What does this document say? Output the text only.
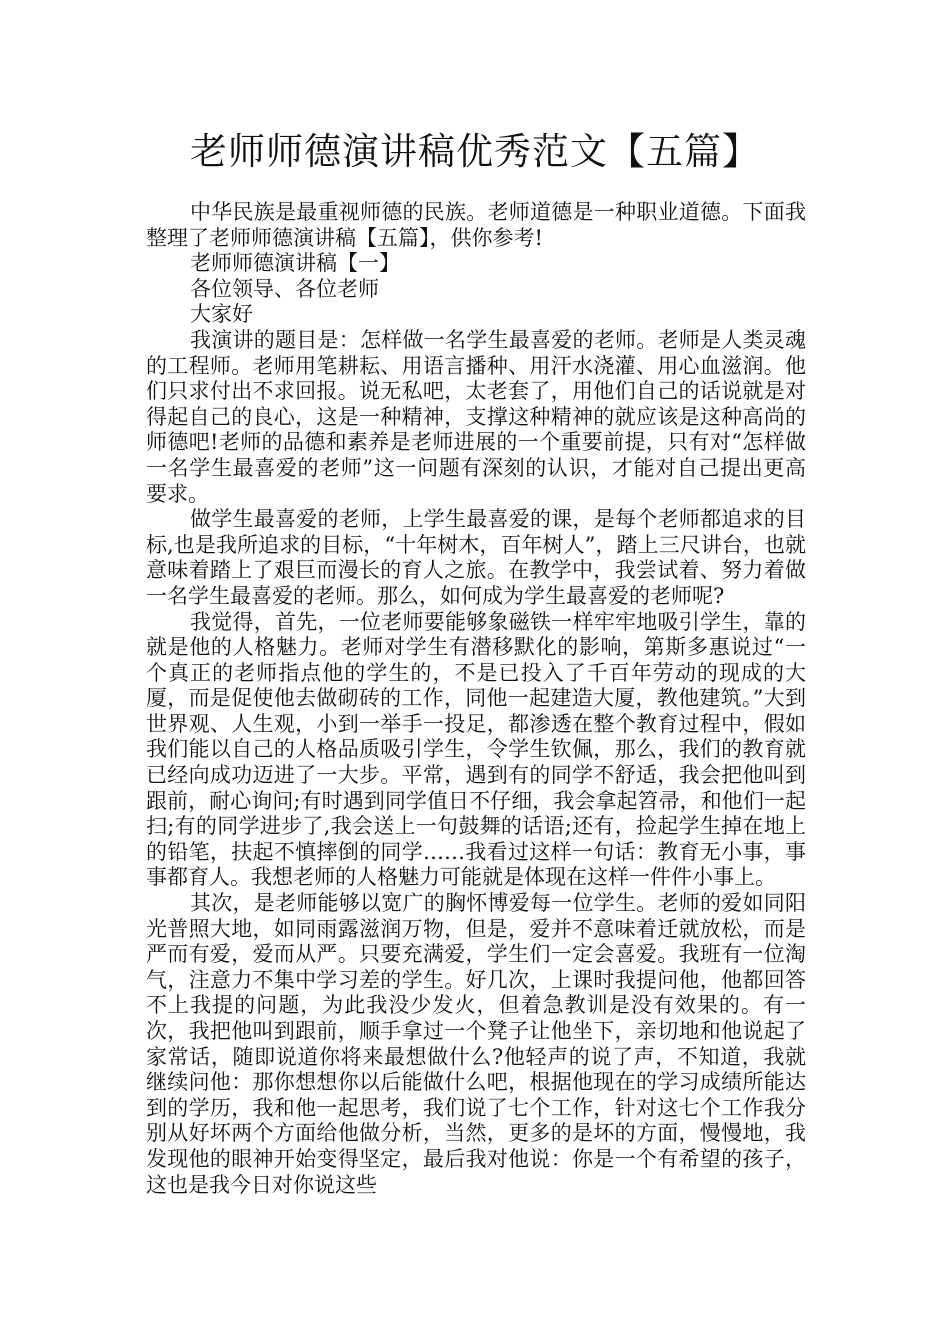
老师师德演讲稿优秀范文【五篇】

中华民族是最重视师德的民族。老师道德是一种职业道德。下面我整理了老师师德演讲稿【五篇】，供你参考!

老师师德演讲稿【一】

各位领导、各位老师

大家好

我演讲的题目是：怎样做一名学生最喜爱的老师。老师是人类灵魂的工程师。老师用笔耕耘、用语言播种、用汗水浇灌、用心血滋润。他们只求付出不求回报。说无私吧，太老套了，用他们自己的话说就是对得起自己的良心，这是一种精神，支撑这种精神的就应该是这种高尚的师德吧!老师的品德和素养是老师进展的一个重要前提，只有对“怎样做一名学生最喜爱的老师”这一问题有深刻的认识，才能对自己提出更高要求。

做学生最喜爱的老师，上学生最喜爱的课，是每个老师都追求的目标,也是我所追求的目标，“十年树木，百年树人”，踏上三尺讲台，也就意味着踏上了艰巨而漫长的育人之旅。在教学中，我尝试着、努力着做一名学生最喜爱的老师。那么，如何成为学生最喜爱的老师呢?

我觉得，首先，一位老师要能够象磁铁一样牢牢地吸引学生，靠的就是他的人格魅力。老师对学生有潜移默化的影响，第斯多惠说过“一个真正的老师指点他的学生的，不是已投入了千百年劳动的现成的大厦，而是促使他去做砌砖的工作，同他一起建造大厦，教他建筑。”大到世界观、人生观，小到一举手一投足，都渗透在整个教育过程中，假如我们能以自己的人格品质吸引学生，令学生钦佩，那么，我们的教育就已经向成功迈进了一大步。平常，遇到有的同学不舒适，我会把他叫到跟前，耐心询问;有时遇到同学值日不仔细，我会拿起笤帚，和他们一起扫;有的同学进步了,我会送上一句鼓舞的话语;还有，捡起学生掉在地上的铅笔，扶起不慎摔倒的同学……我看过这样一句话：教育无小事，事事都育人。我想老师的人格魅力可能就是体现在这样一件件小事上。

其次，是老师能够以宽广的胸怀博爱每一位学生。老师的爱如同阳光普照大地，如同雨露滋润万物，但是，爱并不意味着迁就放松，而是严而有爱，爱而从严。只要充满爱，学生们一定会喜爱。我班有一位淘气，注意力不集中学习差的学生。好几次，上课时我提问他，他都回答不上我提的问题，为此我没少发火，但着急教训是没有效果的。有一次，我把他叫到跟前，顺手拿过一个凳子让他坐下，亲切地和他说起了家常话，随即说道你将来最想做什么?他轻声的说了声，不知道，我就继续问他：那你想想你以后能做什么吧，根据他现在的学习成绩所能达到的学历，我和他一起思考，我们说了七个工作，针对这七个工作我分别从好坏两个方面给他做分析，当然，更多的是坏的方面，慢慢地，我发现他的眼神开始变得坚定，最后我对他说：你是一个有希望的孩子，这也是我今日对你说这些
